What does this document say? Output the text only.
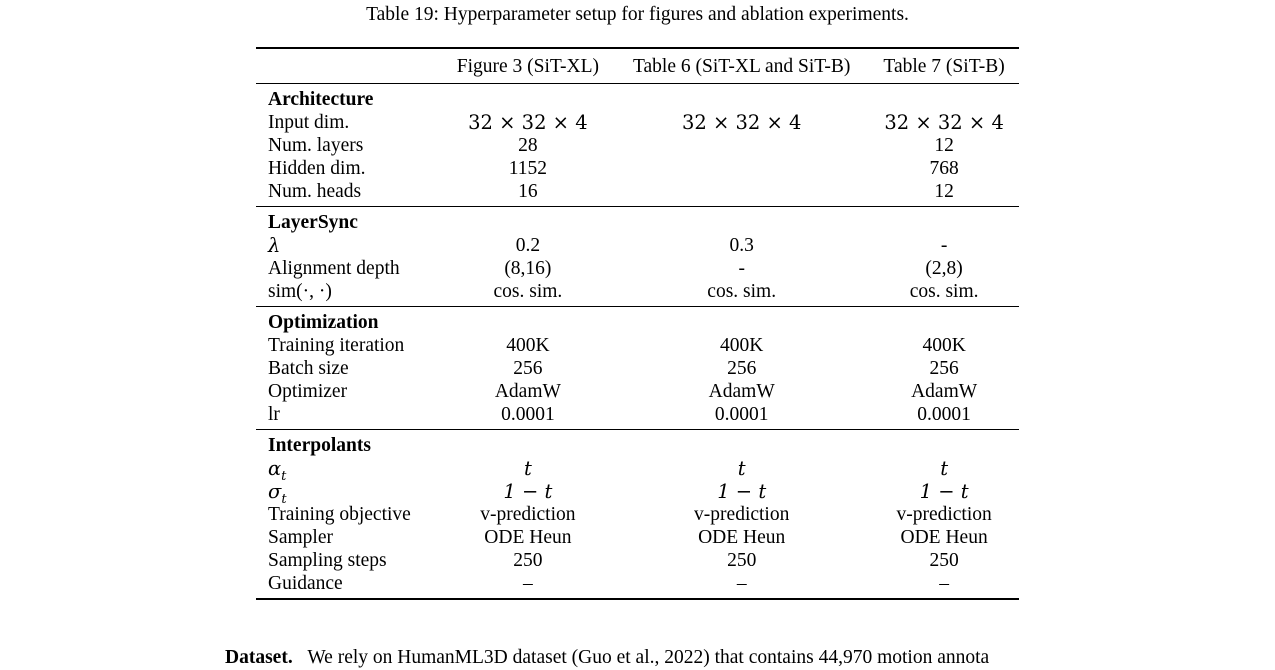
Table 19: Hyperparameter setup for figures and ablation experiments.
	Figure 3 (SiT-XL)	Table 6 (SiT-XL and SiT-B)	Table 7 (SiT-B)
Architecture			
Input dim.	32 × 32 × 4	32 × 32 × 4	32 × 32 × 4
Num. layers	28		12
Hidden dim.	1152		768
Num. heads	16		12
LayerSync			
λ	0.2	0.3	-
Alignment depth	(8,16)	-	(2,8)
sim(·, ·)	cos. sim.	cos. sim.	cos. sim.
Optimization			
Training iteration	400K	400K	400K
Batch size	256	256	256
Optimizer	AdamW	AdamW	AdamW
lr	0.0001	0.0001	0.0001
Interpolants			
$\alpha_t$	t	t	t
$\sigma_t$	1 − t	1 − t	1 − t
Training objective	v-prediction	v-prediction	v-prediction
Sampler	ODE Heun	ODE Heun	ODE Heun
Sampling steps	250	250	250
Guidance	–	–	–
Dataset. We rely on HumanML3D dataset (Guo et al., 2022) that contains 44,970 motion annota
